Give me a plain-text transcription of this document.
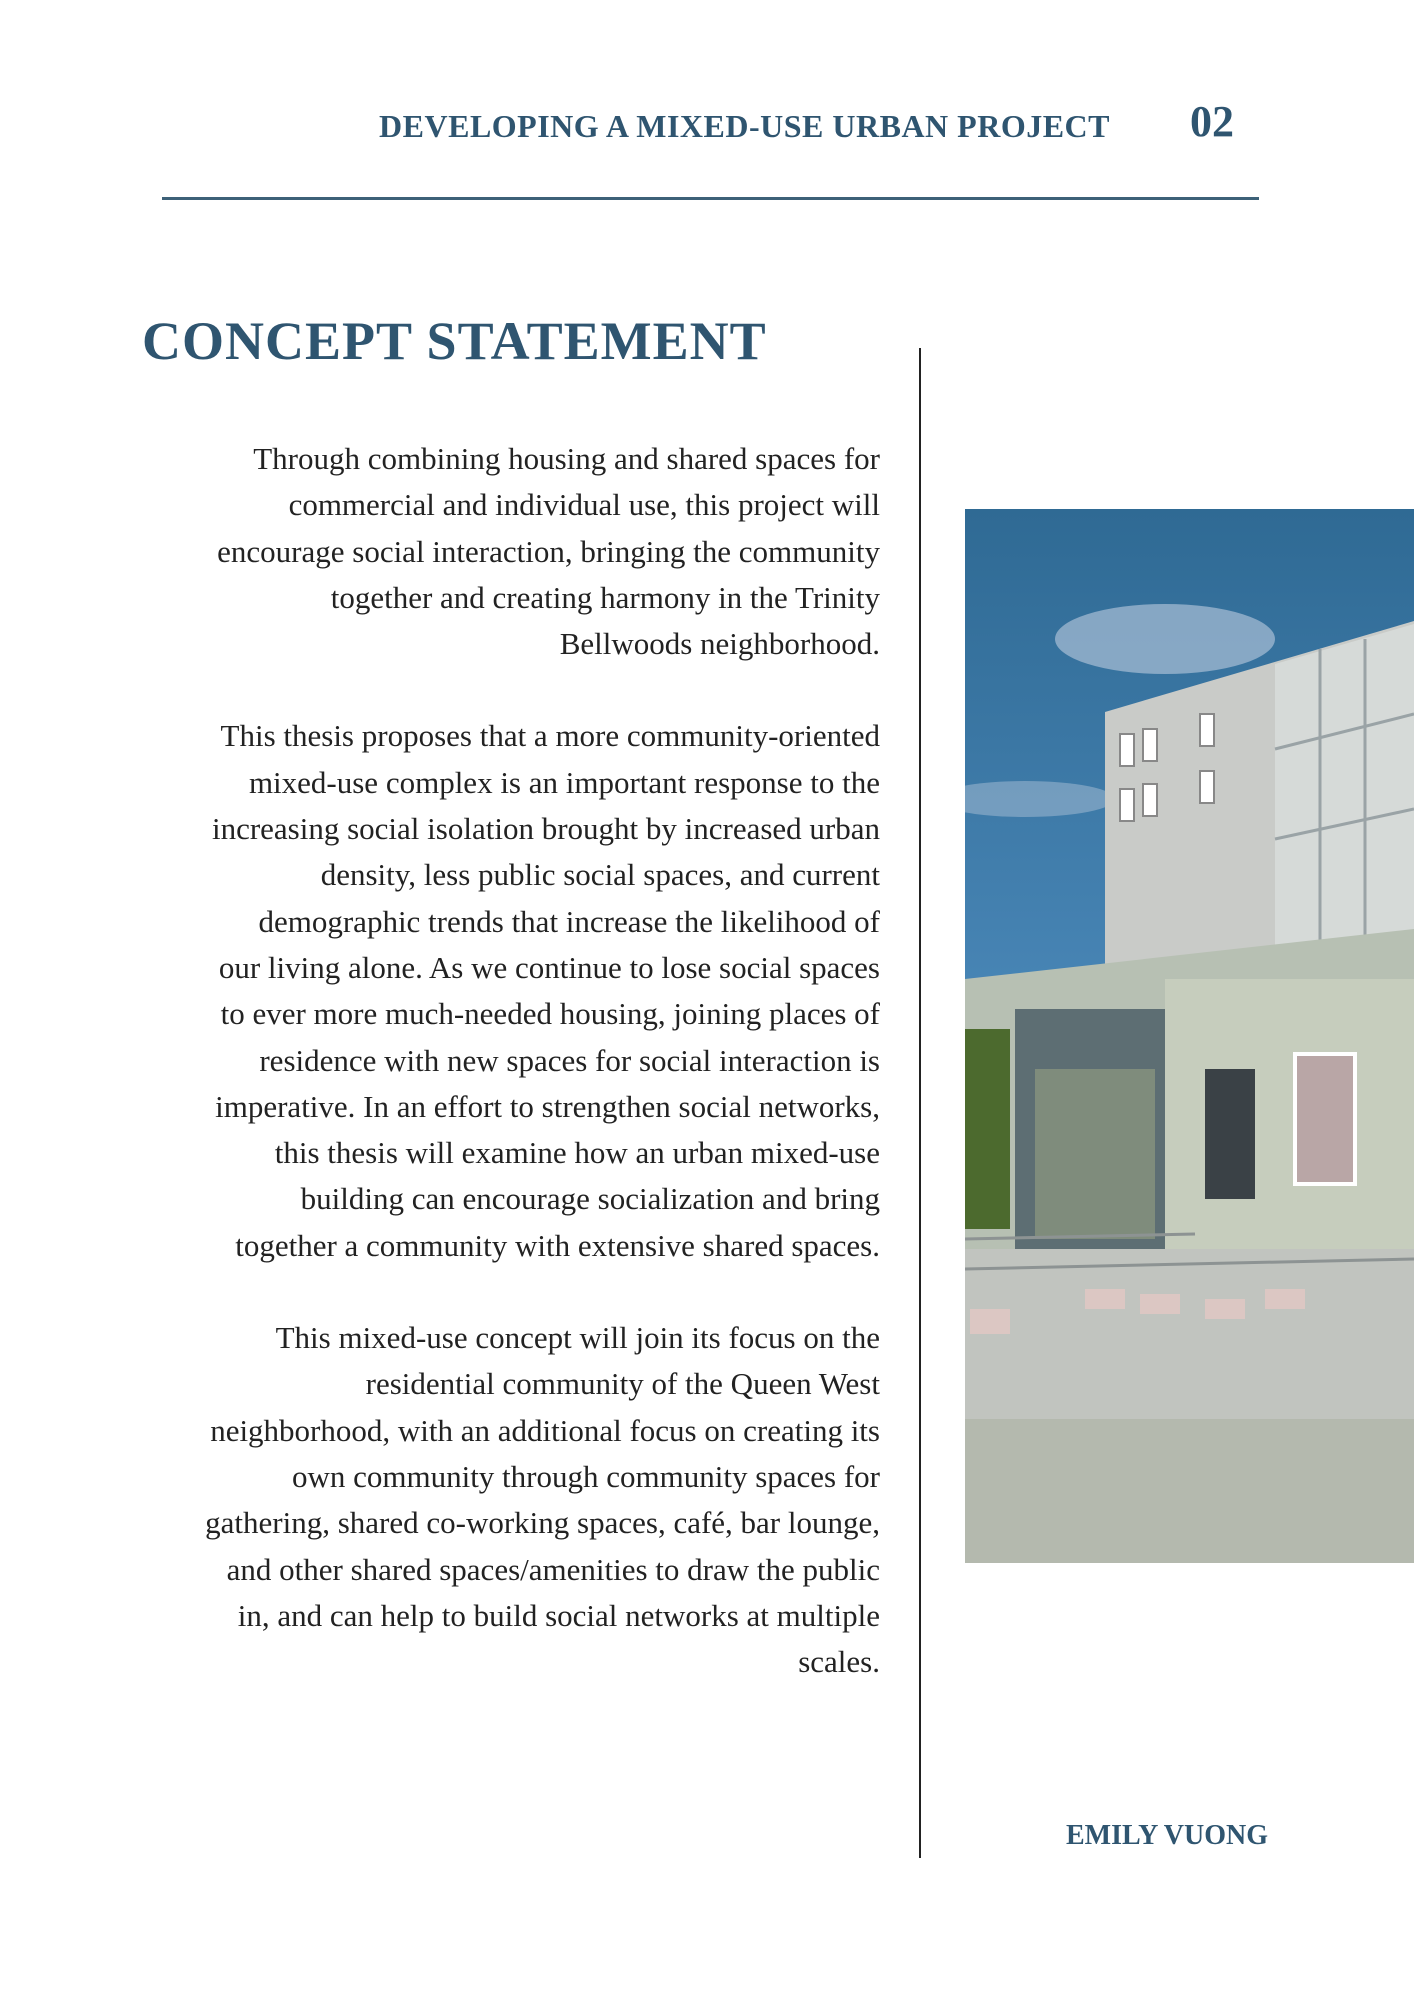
DEVELOPING A MIXED-USE URBAN PROJECT 02
CONCEPT STATEMENT

Through combining housing and shared spaces for
commercial and individual use, this project will
encourage social interaction, bringing the community
together and creating harmony in the Trinity
Bellwoods neighborhood.

This thesis proposes that a more community-oriented
mixed-use complex is an important response to the
increasing social isolation brought by increased urban
density, less public social spaces, and current
demographic trends that increase the likelihood of
our living alone. As we continue to lose social spaces
to ever more much-needed housing, joining places of
residence with new spaces for social interaction is
imperative. In an effort to strengthen social networks,
this thesis will examine how an urban mixed-use
building can encourage socialization and bring
together a community with extensive shared spaces.

This mixed-use concept will join its focus on the
residential community of the Queen West
neighborhood, with an additional focus on creating its
own community through community spaces for
gathering, shared co-working spaces, café, bar lounge,
and other shared spaces/amenities to draw the public
in, and can help to build social networks at multiple
scales.

EMILY VUONG
